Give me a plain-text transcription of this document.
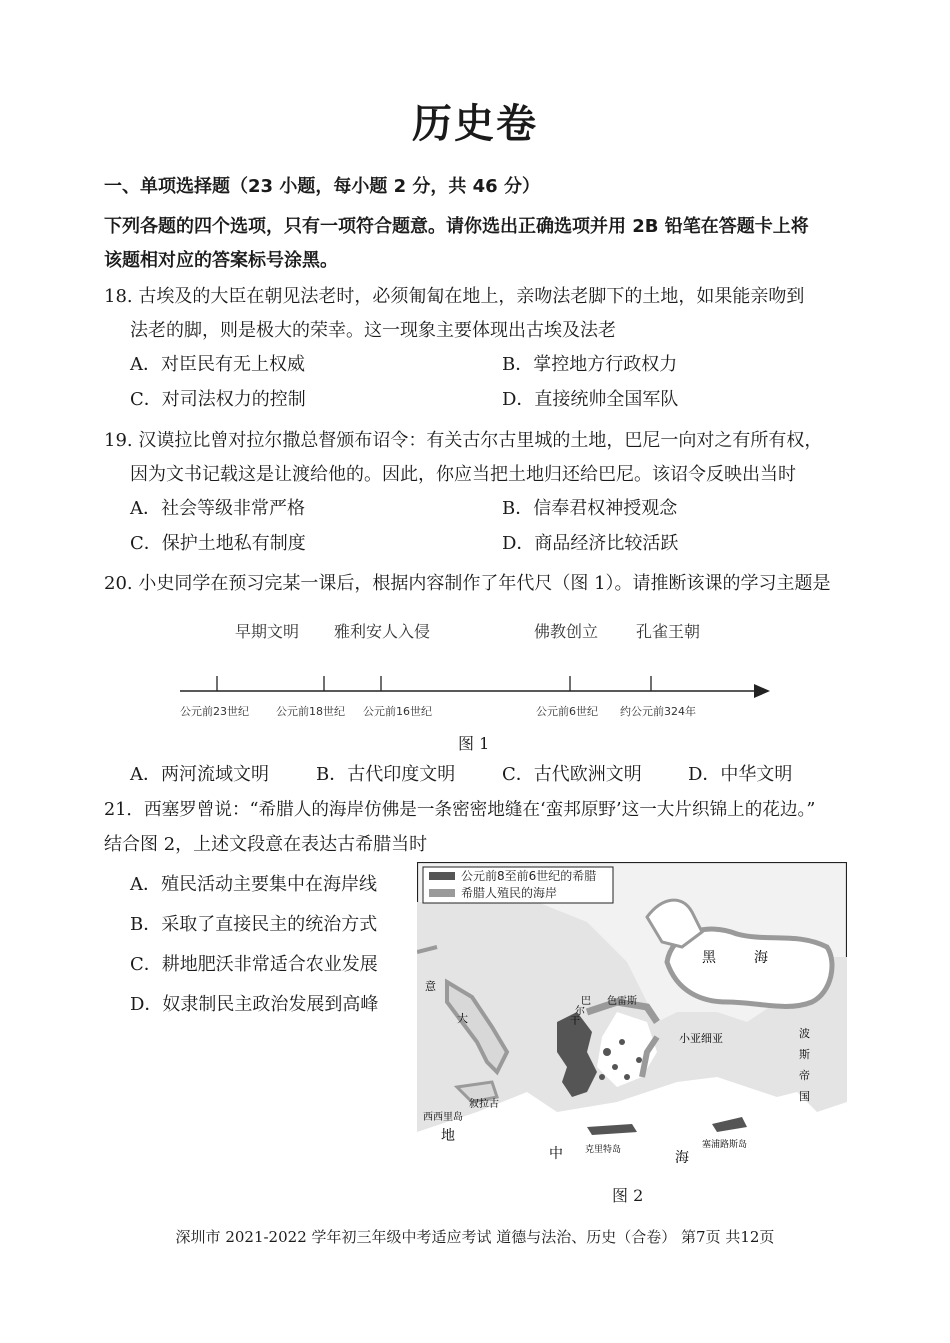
历史卷
一、单项选择题（23 小题，每小题 2 分，共 46 分）
下列各题的四个选项，只有一项符合题意。请你选出正确选项并用 2B 铅笔在答题卡上将
该题相对应的答案标号涂黑。
18. 古埃及的大臣在朝见法老时，必须匍匐在地上，亲吻法老脚下的土地，如果能亲吻到
法老的脚，则是极大的荣幸。这一现象主要体现出古埃及法老
A．对臣民有无上权威	B．掌控地方行政权力
C．对司法权力的控制	D．直接统帅全国军队
19. 汉谟拉比曾对拉尔撒总督颁布诏令：有关古尔古里城的土地，巴尼一向对之有所有权，
因为文书记载这是让渡给他的。因此，你应当把土地归还给巴尼。该诏令反映出当时
A．社会等级非常严格	B．信奉君权神授观念
C．保护土地私有制度	D．商品经济比较活跃
20. 小史同学在预习完某一课后，根据内容制作了年代尺（图 1）。请推断该课的学习主题是
早期文明 雅利安人入侵	佛教创立 孔雀王朝
公元前23世纪 公元前18世纪 公元前16世纪	公元前6世纪 约公元前324年
图 1
A．两河流域文明	B．古代印度文明	C．古代欧洲文明	D．中华文明
21．西塞罗曾说：“希腊人的海岸仿佛是一条密密地缝在‘蛮邦原野’这一大片织锦上的花边。”
结合图 2，上述文段意在表达古希腊当时
A．殖民活动主要集中在海岸线
B．采取了直接民主的统治方式
C．耕地肥沃非常适合农业发展
D．奴隶制民主政治发展到高峰
公元前8至前6世纪的希腊
希腊人殖民的海岸
黑	海
意
大
巴
尔
干
色雷斯
小亚细亚	波
斯
帝
国
叙拉古
西西里岛
地
中	海
克里特岛	塞浦路斯岛
图 2
深圳市 2021-2022 学年初三年级中考适应考试 道德与法治、历史（合卷） 第7页 共12页
